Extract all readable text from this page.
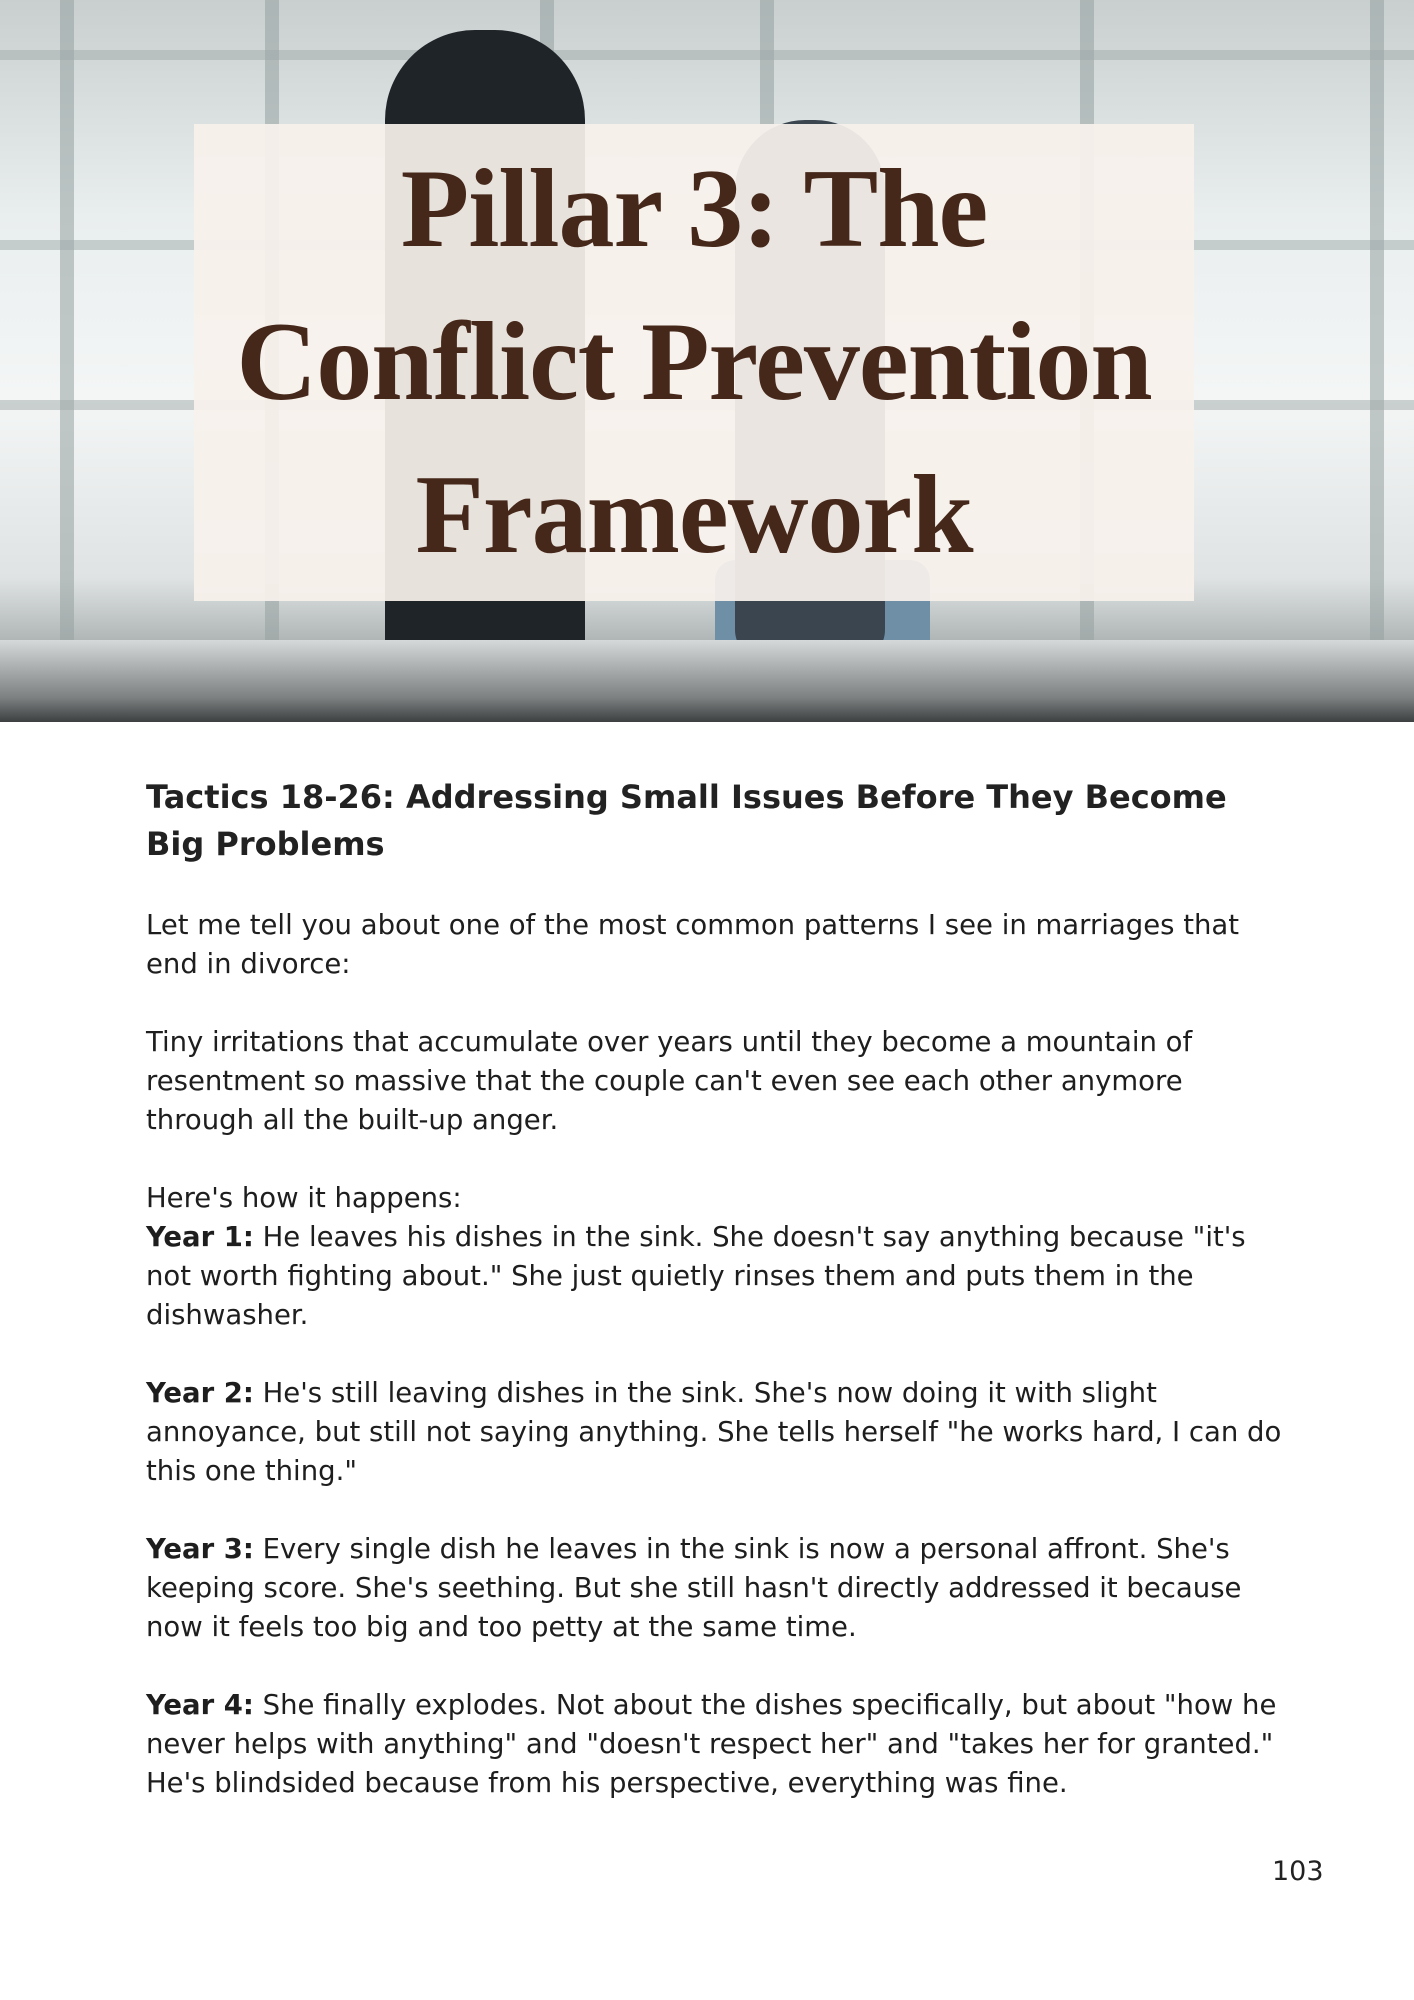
Pillar 3: The Conflict Prevention Framework
Tactics 18-26: Addressing Small Issues Before They Become Big Problems

Let me tell you about one of the most common patterns I see in marriages that end in divorce:

Tiny irritations that accumulate over years until they become a mountain of resentment so massive that the couple can't even see each other anymore through all the built-up anger.

Here's how it happens:

Year 1: He leaves his dishes in the sink. She doesn't say anything because "it's not worth fighting about." She just quietly rinses them and puts them in the dishwasher.

Year 2: He's still leaving dishes in the sink. She's now doing it with slight annoyance, but still not saying anything. She tells herself "he works hard, I can do this one thing."

Year 3: Every single dish he leaves in the sink is now a personal affront. She's keeping score. She's seething. But she still hasn't directly addressed it because now it feels too big and too petty at the same time.

Year 4: She finally explodes. Not about the dishes specifically, but about "how he never helps with anything" and "doesn't respect her" and "takes her for granted." He's blindsided because from his perspective, everything was fine.

103
